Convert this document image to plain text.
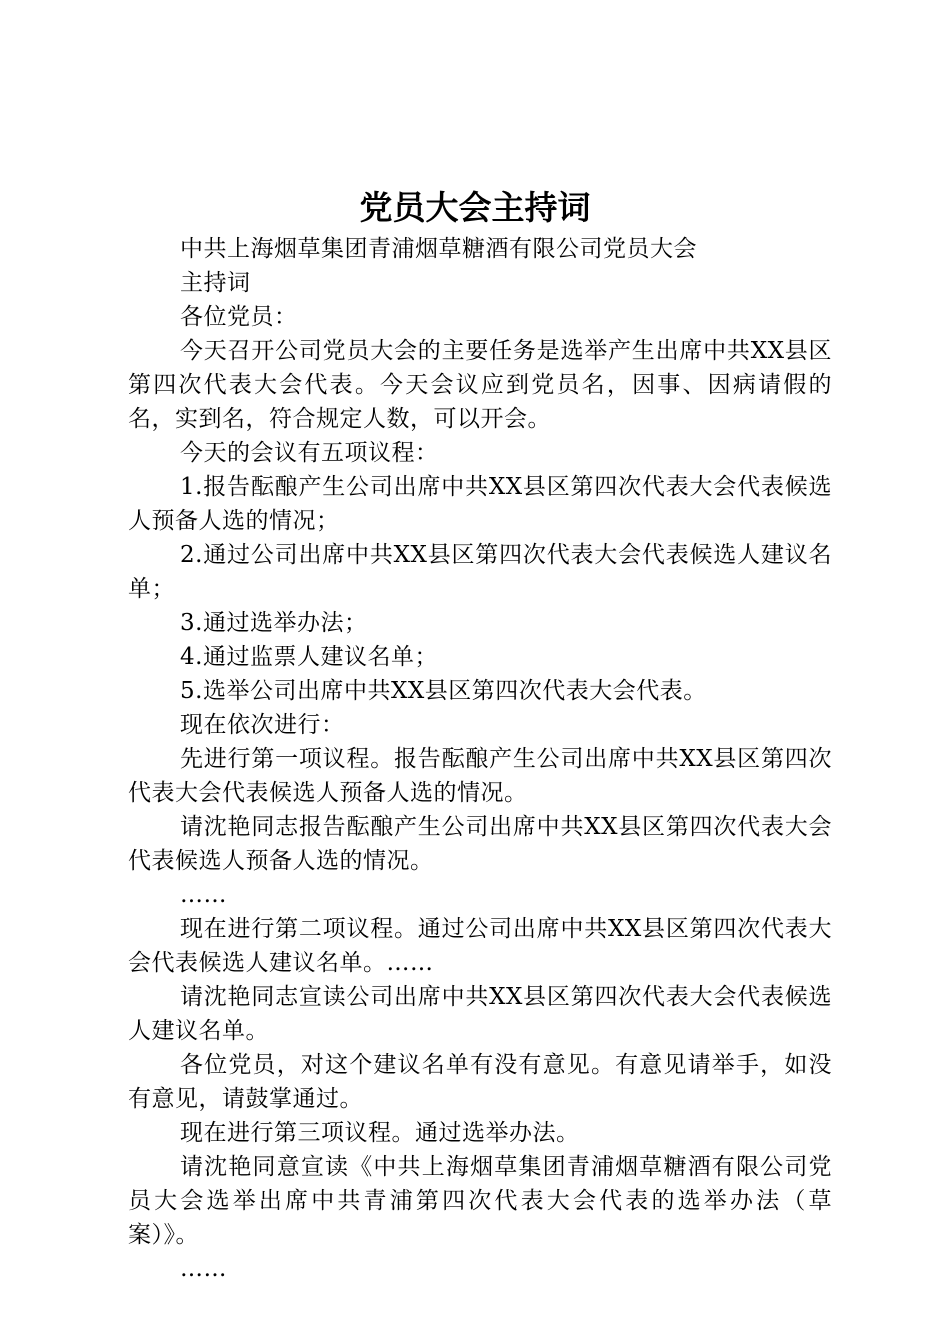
党员大会主持词

中共上海烟草集团青浦烟草糖酒有限公司党员大会

主持词

各位党员：

今天召开公司党员大会的主要任务是选举产生出席中共XX县区第四次代表大会代表。今天会议应到党员名，因事、因病请假的名，实到名，符合规定人数，可以开会。

今天的会议有五项议程：

1.报告酝酿产生公司出席中共XX县区第四次代表大会代表候选人预备人选的情况；

2.通过公司出席中共XX县区第四次代表大会代表候选人建议名单；

3.通过选举办法；

4.通过监票人建议名单；

5.选举公司出席中共XX县区第四次代表大会代表。

现在依次进行：

先进行第一项议程。报告酝酿产生公司出席中共XX县区第四次代表大会代表候选人预备人选的情况。

请沈艳同志报告酝酿产生公司出席中共XX县区第四次代表大会代表候选人预备人选的情况。

……

现在进行第二项议程。通过公司出席中共XX县区第四次代表大会代表候选人建议名单。……

请沈艳同志宣读公司出席中共XX县区第四次代表大会代表候选人建议名单。

各位党员，对这个建议名单有没有意见。有意见请举手，如没有意见，请鼓掌通过。

现在进行第三项议程。通过选举办法。

请沈艳同意宣读《中共上海烟草集团青浦烟草糖酒有限公司党员大会选举出席中共青浦第四次代表大会代表的选举办法（草案）》。

……
